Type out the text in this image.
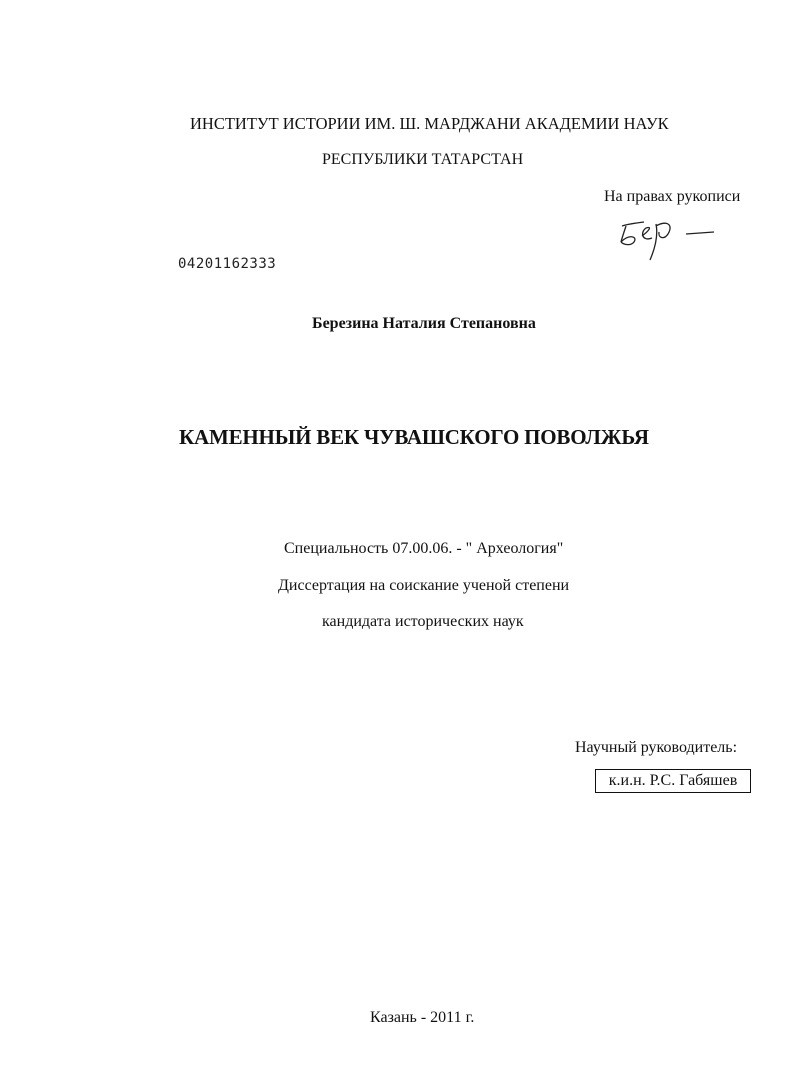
ИНСТИТУТ ИСТОРИИ ИМ. Ш. МАРДЖАНИ АКАДЕМИИ НАУК
РЕСПУБЛИКИ ТАТАРСТАН
На правах рукописи
04201162333
Березина Наталия Степановна
КАМЕННЫЙ ВЕК ЧУВАШСКОГО ПОВОЛЖЬЯ
Специальность 07.00.06. - " Археология"
Диссертация на соискание ученой степени
кандидата исторических наук
Научный руководитель:
к.и.н. Р.С. Габяшев
Казань - 2011 г.
